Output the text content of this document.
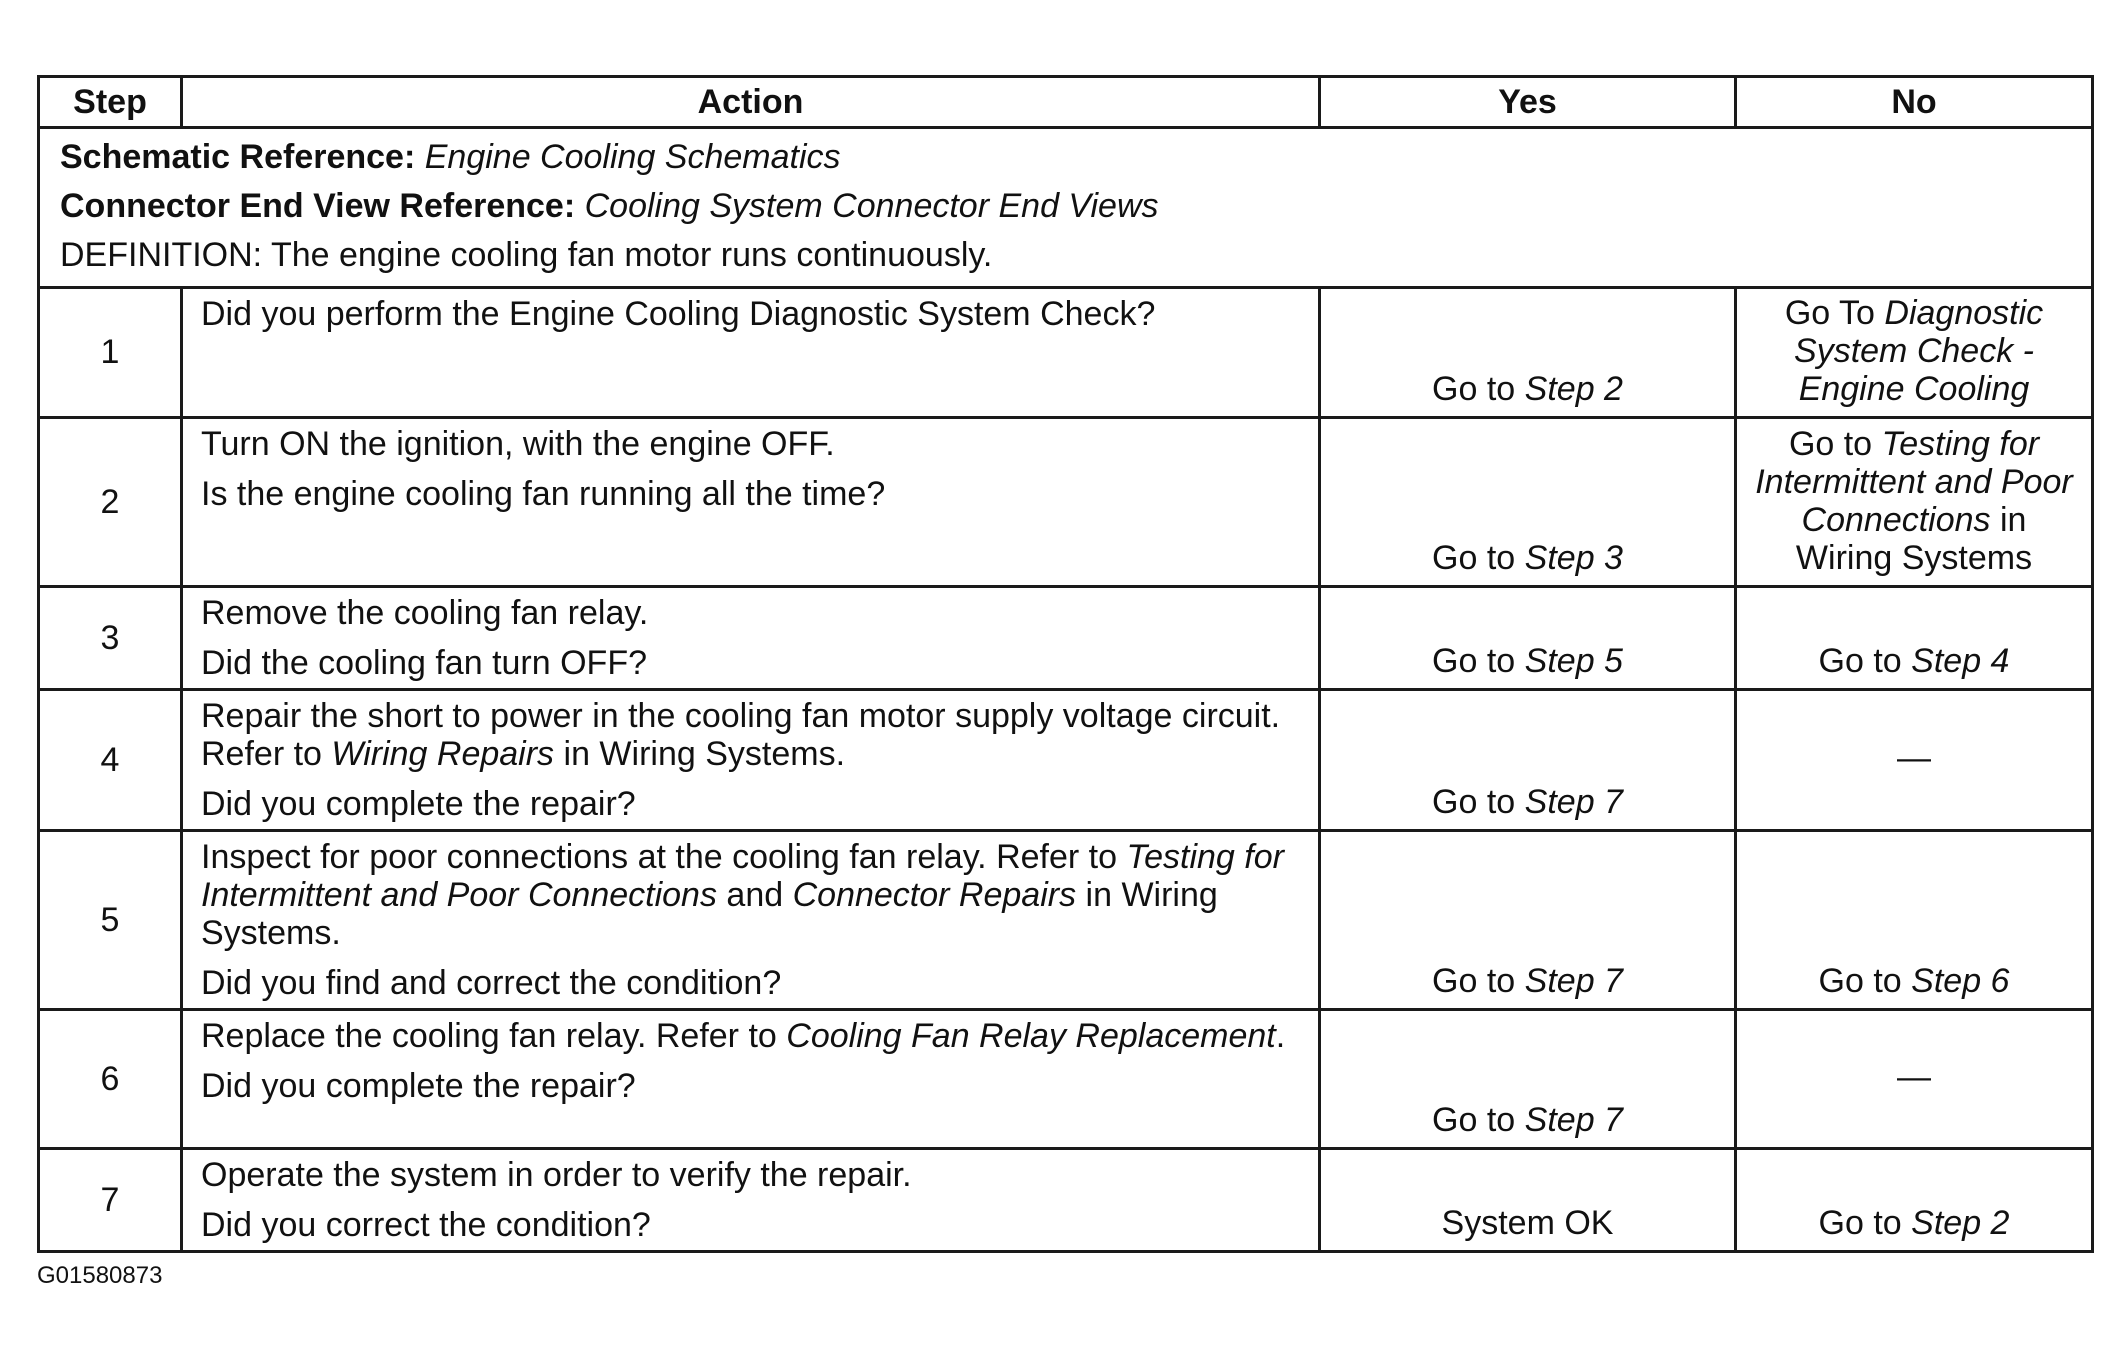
Step	Action	Yes	No

Schematic Reference: Engine Cooling Schematics
Connector End View Reference: Cooling System Connector End Views
DEFINITION: The engine cooling fan motor runs continuously.			

1	Did you perform the Engine Cooling Diagnostic System Check?	Go to Step 2	Go To Diagnostic System Check - Engine Cooling
2	Turn ON the ignition, with the engine OFF.

Is the engine cooling fan running all the time?	Go to Step 3	Go to Testing for Intermittent and Poor Connections in Wiring Systems
3	Remove the cooling fan relay.

Did the cooling fan turn OFF?	Go to Step 5	Go to Step 4
4	Repair the short to power in the cooling fan motor supply voltage circuit. Refer to Wiring Repairs in Wiring Systems.

Did you complete the repair?	Go to Step 7	—
5	Inspect for poor connections at the cooling fan relay. Refer to Testing for Intermittent and Poor Connections and Connector Repairs in Wiring Systems.

Did you find and correct the condition?	Go to Step 7	Go to Step 6
6	Replace the cooling fan relay. Refer to Cooling Fan Relay Replacement.

Did you complete the repair?	Go to Step 7	—
7	Operate the system in order to verify the repair.

Did you correct the condition?	System OK	Go to Step 2
G01580873
